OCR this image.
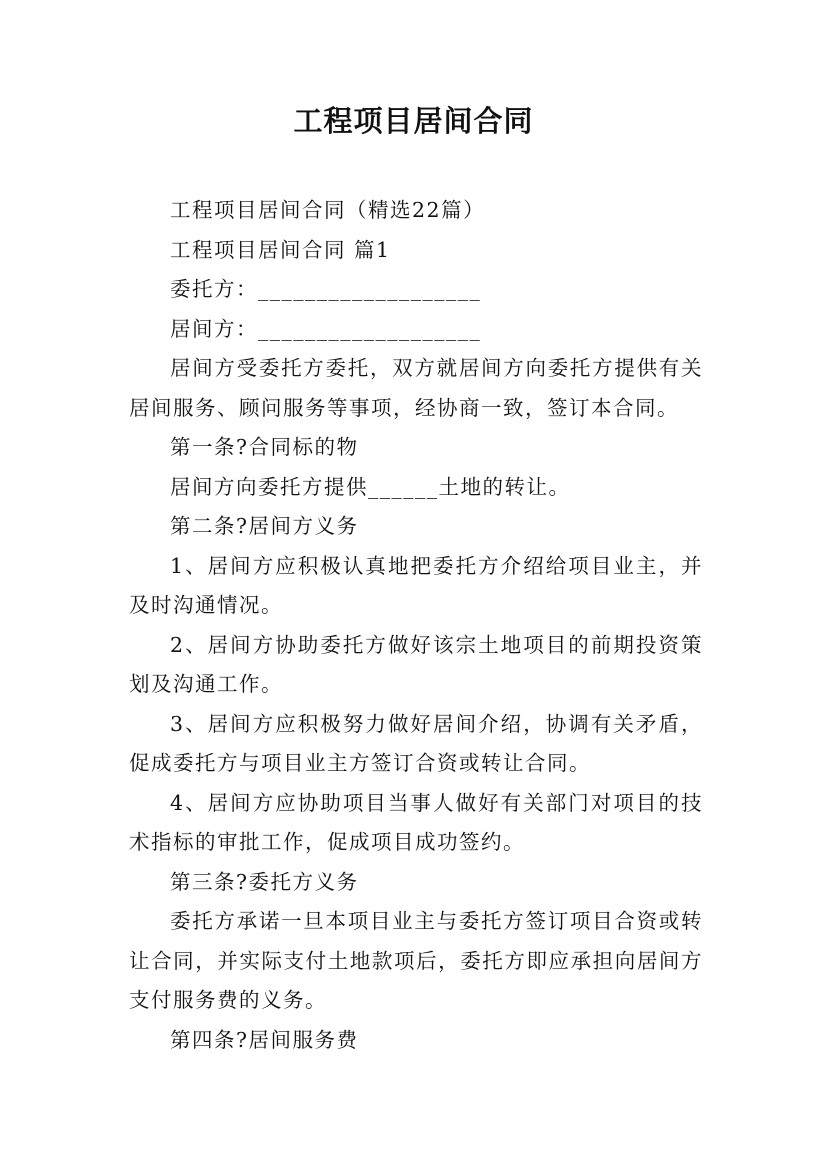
工程项目居间合同

工程项目居间合同（精选22篇）

工程项目居间合同 篇1

委托方：___________________

居间方：___________________

居间方受委托方委托，双方就居间方向委托方提供有关居间服务、顾问服务等事项，经协商一致，签订本合同。

第一条?合同标的物

居间方向委托方提供______土地的转让。

第二条?居间方义务

1、居间方应积极认真地把委托方介绍给项目业主，并及时沟通情况。

2、居间方协助委托方做好该宗土地项目的前期投资策划及沟通工作。

3、居间方应积极努力做好居间介绍，协调有关矛盾，促成委托方与项目业主方签订合资或转让合同。

4、居间方应协助项目当事人做好有关部门对项目的技术指标的审批工作，促成项目成功签约。

第三条?委托方义务

委托方承诺一旦本项目业主与委托方签订项目合资或转让合同，并实际支付土地款项后，委托方即应承担向居间方支付服务费的义务。

第四条?居间服务费
